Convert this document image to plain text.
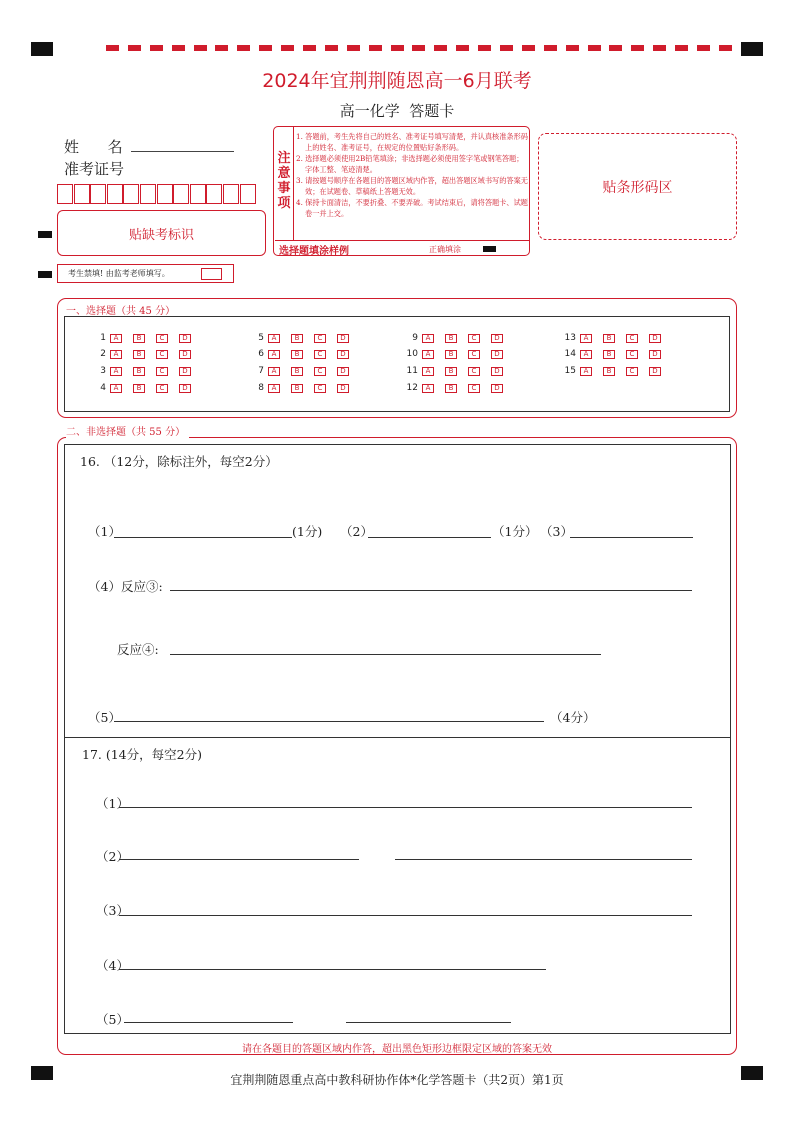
2024年宜荆荆随恩高一6月联考
高一化学  答题卡
姓      名
准考证号
贴缺考标识
考生禁填! 由监考老师填写。
注
意
事
项
1. 答题前，考生先将自己的姓名、准考证号填写清楚，并认真核准条形码上的姓名、准考证号，在规定的位置贴好条形码。
2. 选择题必须使用2B铅笔填涂；非选择题必须使用签字笔或钢笔答题；字体工整、笔迹清楚。
3. 请按题号顺序在各题目的答题区域内作答，超出答题区域书写的答案无效；在试题卷、草稿纸上答题无效。
4. 保持卡面清洁，不要折叠、不要弄破。考试结束后，请将答题卡、试题卷一并上交。
选择题填涂样例	正确填涂
贴条形码区
一、选择题（共 45 分）
1	A	B	C	D
2	A	B	C	D
3	A	B	C	D
4	A	B	C	D
5	A	B	C	D
6	A	B	C	D
7	A	B	C	D
8	A	B	C	D
9	A	B	C	D
10	A	B	C	D
11	A	B	C	D
12	A	B	C	D
13	A	B	C	D
14	A	B	C	D
15	A	B	C	D
二、非选择题（共 55 分）
16. （12分，除标注外，每空2分）
（1）	(1分) （2）	（1分） （3）
（4）反应③:
反应④:
（5）	（4分）
17. (14分，每空2分)
（1）
（2）
（3）
（4）
（5）
请在各题目的答题区域内作答，超出黑色矩形边框限定区域的答案无效
宜荆荆随恩重点高中教科研协作体*化学答题卡（共2页）第1页
